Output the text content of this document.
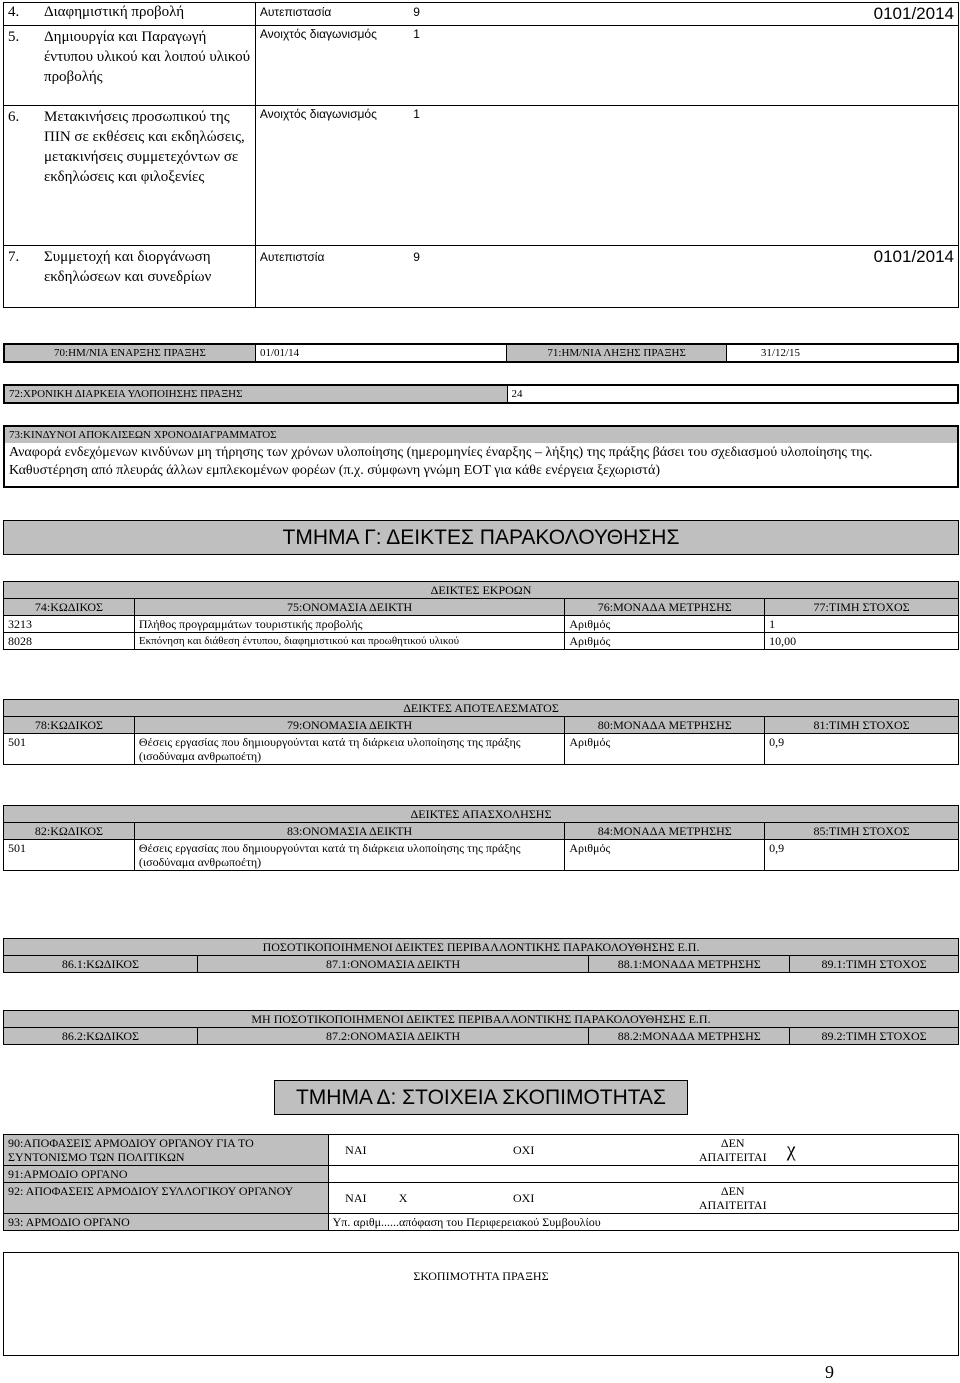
4. Διαφημιστική προβολή	Αυτεπιστασία	9	0101/2014

5. Δημιουργία και Παραγωγή έντυπου υλικού και λοιπού υλικού προβολής	Ανοιχτός διαγωνισμός	1	

6. Μετακινήσεις προσωπικού της ΠΙΝ σε εκθέσεις και εκδηλώσεις, μετακινήσεις συμμετεχόντων σε εκδηλώσεις και φιλοξενίες	Ανοιχτός διαγωνισμός	1	

7. Συμμετοχή και διοργάνωση εκδηλώσεων και συνεδρίων	Αυτεπιστσία	9	0101/2014
70:ΗΜ/ΝΙΑ ΕΝΑΡΞΗΣ ΠΡΑΞΗΣ	01/01/14	71:ΗΜ/ΝΙΑ ΛΗΞΗΣ ΠΡΑΞΗΣ	31/12/15
72:ΧΡΟΝΙΚΗ ΔΙΑΡΚΕΙΑ ΥΛΟΠΟΙΗΣΗΣ ΠΡΑΞΗΣ	24
73:ΚΙΝΔΥΝΟΙ ΑΠΟΚΛΙΣΕΩΝ ΧΡΟΝΟΔΙΑΓΡΑΜΜΑΤΟΣ

Αναφορά ενδεχόμενων κινδύνων μη τήρησης των χρόνων υλοποίησης (ημερομηνίες έναρξης – λήξης) της πράξης βάσει του σχεδιασμού υλοποίησης της.
Καθυστέρηση από πλευράς άλλων εμπλεκομένων φορέων (π.χ. σύμφωνη γνώμη ΕΟΤ για κάθε ενέργεια ξεχωριστά)
ΤΜΗΜΑ Γ: ΔΕΙΚΤΕΣ ΠΑΡΑΚΟΛΟΥΘΗΣΗΣ
ΔΕΙΚΤΕΣ ΕΚΡΟΩΝ			
74:ΚΩΔΙΚΟΣ	75:ΟΝΟΜΑΣΙΑ ΔΕΙΚΤΗ	76:ΜΟΝΑΔΑ ΜΕΤΡΗΣΗΣ	77:ΤΙΜΗ ΣΤΟΧΟΣ
3213	Πλήθος προγραμμάτων τουριστικής προβολής	Αριθμός	1
8028	Εκπόνηση και διάθεση έντυπου, διαφημιστικού και προωθητικού υλικού	Αριθμός	10,00
ΔΕΙΚΤΕΣ ΑΠΟΤΕΛΕΣΜΑΤΟΣ			
78:ΚΩΔΙΚΟΣ	79:ΟΝΟΜΑΣΙΑ ΔΕΙΚΤΗ	80:ΜΟΝΑΔΑ ΜΕΤΡΗΣΗΣ	81:ΤΙΜΗ ΣΤΟΧΟΣ
501	Θέσεις εργασίας που δημιουργούνται κατά τη διάρκεια υλοποίησης της πράξης (ισοδύναμα ανθρωποέτη)	Αριθμός	0,9
ΔΕΙΚΤΕΣ ΑΠΑΣΧΟΛΗΣΗΣ			
82:ΚΩΔΙΚΟΣ	83:ΟΝΟΜΑΣΙΑ ΔΕΙΚΤΗ	84:ΜΟΝΑΔΑ ΜΕΤΡΗΣΗΣ	85:ΤΙΜΗ ΣΤΟΧΟΣ
501	Θέσεις εργασίας που δημιουργούνται κατά τη διάρκεια υλοποίησης της πράξης (ισοδύναμα ανθρωποέτη)	Αριθμός	0,9
ΠΟΣΟΤΙΚΟΠΟΙΗΜΕΝΟΙ ΔΕΙΚΤΕΣ ΠΕΡΙΒΑΛΛΟΝΤΙΚΗΣ ΠΑΡΑΚΟΛΟΥΘΗΣΗΣ Ε.Π.
86.1:ΚΩΔΙΚΟΣ	87.1:ΟΝΟΜΑΣΙΑ ΔΕΙΚΤΗ	88.1:ΜΟΝΑΔΑ ΜΕΤΡΗΣΗΣ	89.1:ΤΙΜΗ ΣΤΟΧΟΣ
ΜΗ ΠΟΣΟΤΙΚΟΠΟΙΗΜΕΝΟΙ ΔΕΙΚΤΕΣ ΠΕΡΙΒΑΛΛΟΝΤΙΚΗΣ ΠΑΡΑΚΟΛΟΥΘΗΣΗΣ Ε.Π.
86.2:ΚΩΔΙΚΟΣ	87.2:ΟΝΟΜΑΣΙΑ ΔΕΙΚΤΗ	88.2:ΜΟΝΑΔΑ ΜΕΤΡΗΣΗΣ	89.2:ΤΙΜΗ ΣΤΟΧΟΣ
ΤΜΗΜΑ Δ: ΣΤΟΙΧΕΙΑ ΣΚΟΠΙΜΟΤΗΤΑΣ
90:ΑΠΟΦΑΣΕΙΣ ΑΡΜΟΔΙΟΥ ΟΡΓΑΝΟΥ ΓΙΑ ΤΟ ΣΥΝΤΟΝΙΣΜΟ ΤΩΝ ΠΟΛΙΤΙΚΩΝ	ΝΑΙ		ΟΧΙ	ΔΕΝ ΑΠΑΙΤΕΙΤΑΙ	χ
91:ΑΡΜΟΔΙΟ ΟΡΓΑΝΟ					
92: ΑΠΟΦΑΣΕΙΣ ΑΡΜΟΔΙΟΥ ΣΥΛΛΟΓΙΚΟΥ ΟΡΓΑΝΟΥ	ΝΑΙ	Χ	ΟΧΙ	ΔΕΝ ΑΠΑΙΤΕΙΤΑΙ	
93: ΑΡΜΟΔΙΟ ΟΡΓΑΝΟ	Υπ. αριθμ......απόφαση του Περιφερειακού Συμβουλίου				
ΣΚΟΠΙΜΟΤΗΤΑ ΠΡΑΞΗΣ
9
